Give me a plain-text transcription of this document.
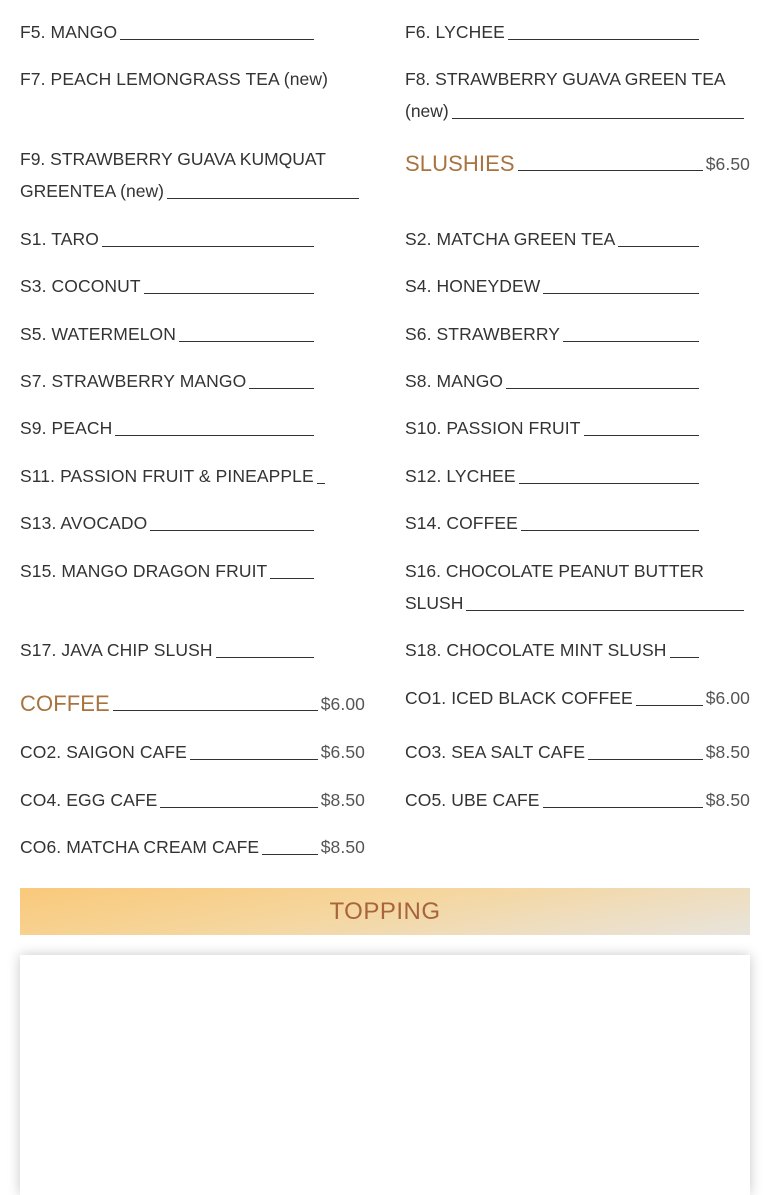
F5. MANGO	F6. LYCHEE
F7. PEACH LEMONGRASS TEA (new)	F8. STRAWBERRY GUAVA GREEN TEA
(new)
F9. STRAWBERRY GUAVA KUMQUAT
GREENTEA (new)
SLUSHIES	$6.50
S1. TARO	S2. MATCHA GREEN TEA
S3. COCONUT	S4. HONEYDEW
S5. WATERMELON	S6. STRAWBERRY
S7. STRAWBERRY MANGO	S8. MANGO
S9. PEACH	S10. PASSION FRUIT
S11. PASSION FRUIT & PINEAPPLE	S12. LYCHEE
S13. AVOCADO	S14. COFFEE
S15. MANGO DRAGON FRUIT	S16. CHOCOLATE PEANUT BUTTER
SLUSH
S17. JAVA CHIP SLUSH	S18. CHOCOLATE MINT SLUSH
COFFEE	$6.00 CO1. ICED BLACK COFFEE	$6.00
CO2. SAIGON CAFE	$6.50 CO3. SEA SALT CAFE	$8.50
CO4. EGG CAFE	$8.50 CO5. UBE CAFE	$8.50
CO6. MATCHA CREAM CAFE	$8.50
TOPPING
